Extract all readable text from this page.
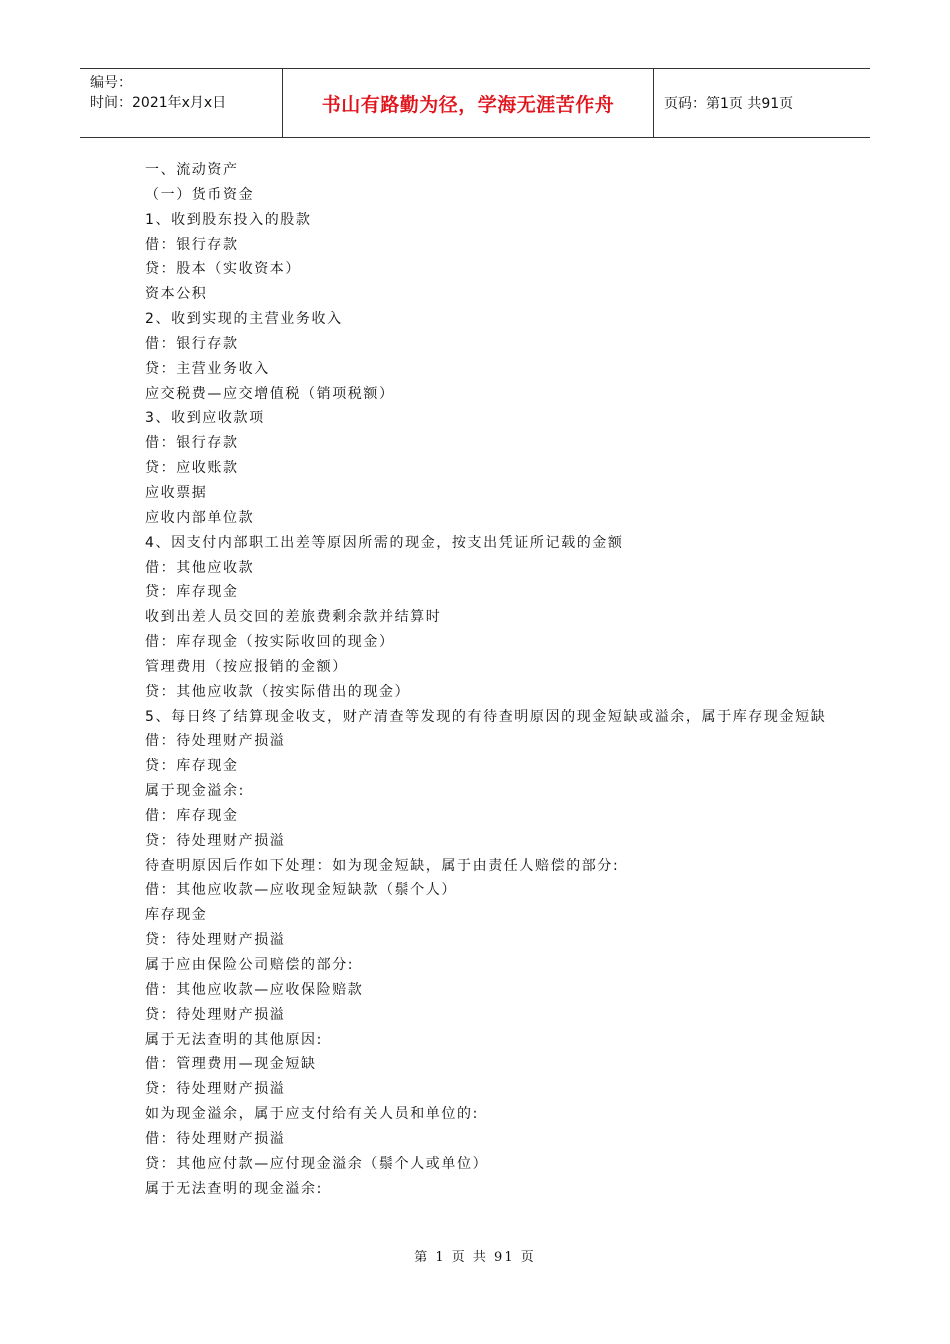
编号：
时间：2021年x月x日	书山有路勤为径，学海无涯苦作舟	页码：第1页 共91页
一、流动资产
（一）货币资金
1、收到股东投入的股款
借：银行存款
贷：股本（实收资本）
资本公积
2、收到实现的主营业务收入
借：银行存款
贷：主营业务收入
应交税费—应交增值税（销项税额）
3、收到应收款项
借：银行存款
贷：应收账款
应收票据
应收内部单位款
4、因支付内部职工出差等原因所需的现金，按支出凭证所记载的金额
借：其他应收款
贷：库存现金
收到出差人员交回的差旅费剩余款并结算时
借：库存现金（按实际收回的现金）
管理费用（按应报销的金额）
贷：其他应收款（按实际借出的现金）
5、每日终了结算现金收支，财产清查等发现的有待查明原因的现金短缺或溢余，属于库存现金短缺
借：待处理财产损溢
贷：库存现金
属于现金溢余:
借：库存现金
贷：待处理财产损溢
待查明原因后作如下处理：如为现金短缺，属于由责任人赔偿的部分:
借：其他应收款—应收现金短缺款（鬃个人）
库存现金
贷：待处理财产损溢
属于应由保险公司赔偿的部分:
借：其他应收款—应收保险赔款
贷：待处理财产损溢
属于无法查明的其他原因:
借：管理费用—现金短缺
贷：待处理财产损溢
如为现金溢余，属于应支付给有关人员和单位的:
借：待处理财产损溢
贷：其他应付款—应付现金溢余（鬃个人或单位）
属于无法查明的现金溢余:
第 1 页 共 91 页
